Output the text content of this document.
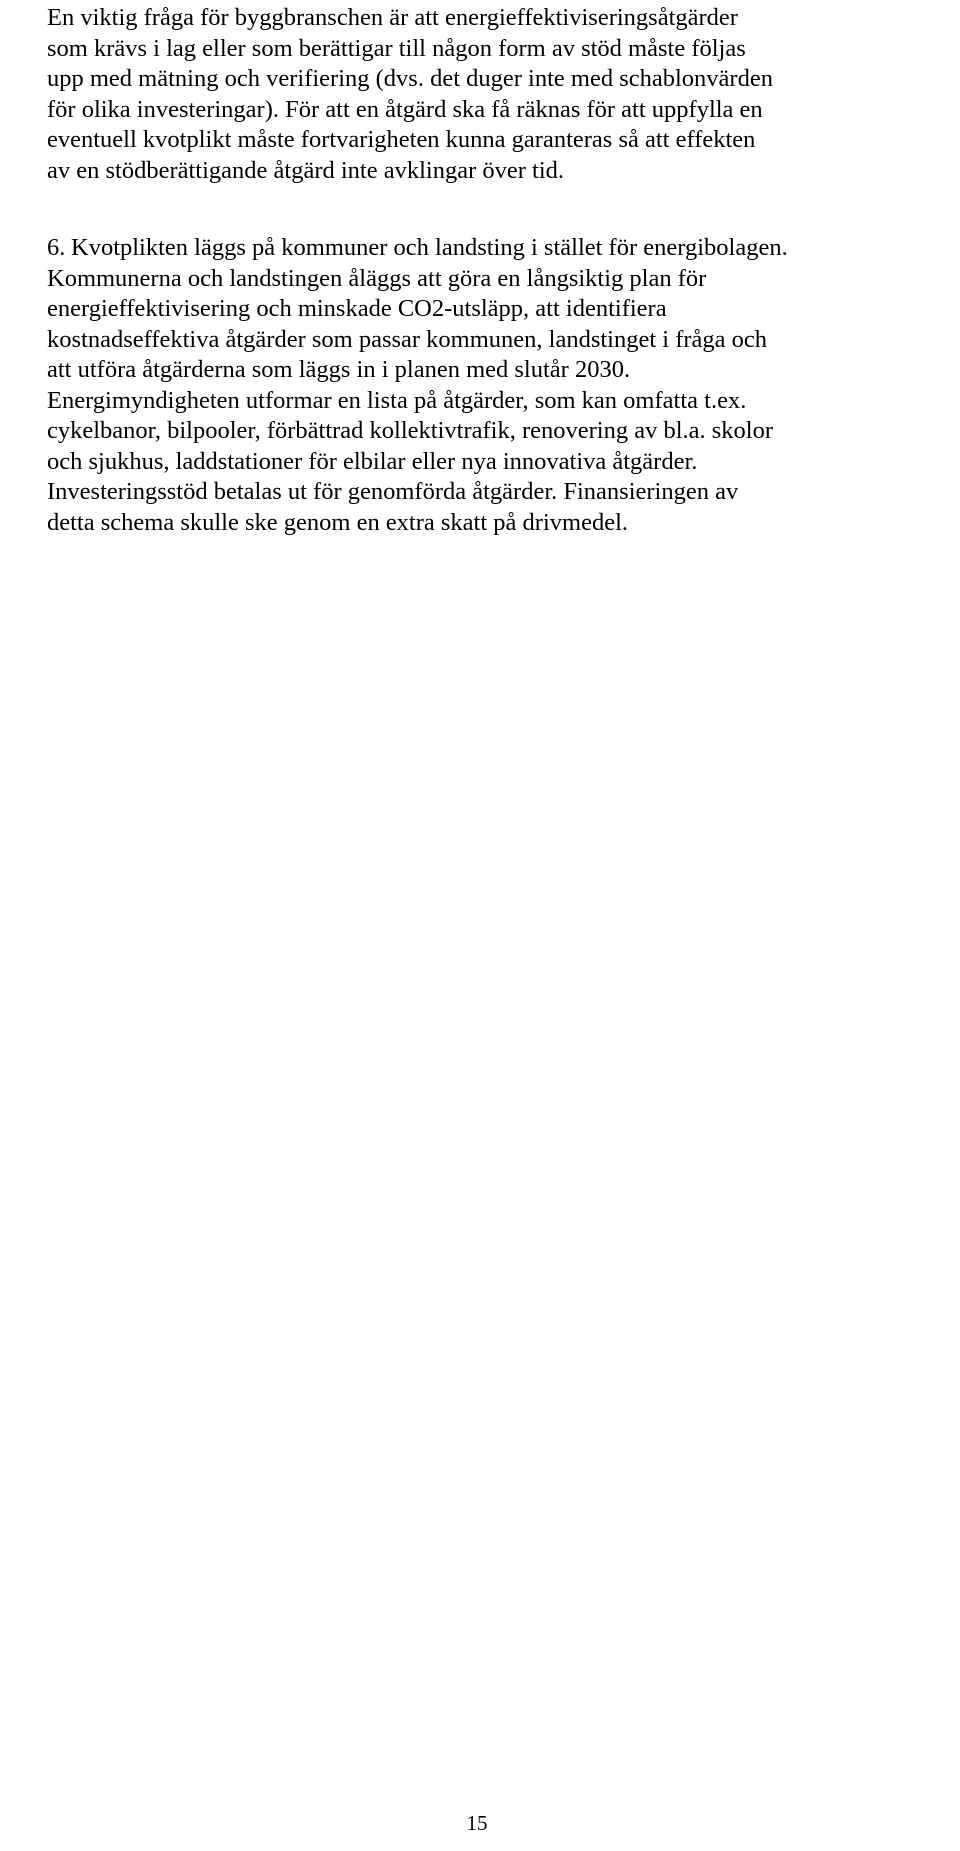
En viktig fråga för byggbranschen är att energieffektiviseringsåtgärder
som krävs i lag eller som berättigar till någon form av stöd måste följas
upp med mätning och verifiering (dvs. det duger inte med schablonvärden
för olika investeringar). För att en åtgärd ska få räknas för att uppfylla en
eventuell kvotplikt måste fortvarigheten kunna garanteras så att effekten
av en stödberättigande åtgärd inte avklingar över tid.

6. Kvotplikten läggs på kommuner och landsting i stället för energibolagen.
Kommunerna och landstingen åläggs att göra en långsiktig plan för
energieffektivisering och minskade CO2-utsläpp, att identifiera
kostnadseffektiva åtgärder som passar kommunen, landstinget i fråga och
att utföra åtgärderna som läggs in i planen med slutår 2030.
Energimyndigheten utformar en lista på åtgärder, som kan omfatta t.ex.
cykelbanor, bilpooler, förbättrad kollektivtrafik, renovering av bl.a. skolor
och sjukhus, laddstationer för elbilar eller nya innovativa åtgärder.
Investeringsstöd betalas ut för genomförda åtgärder. Finansieringen av
detta schema skulle ske genom en extra skatt på drivmedel.

15
